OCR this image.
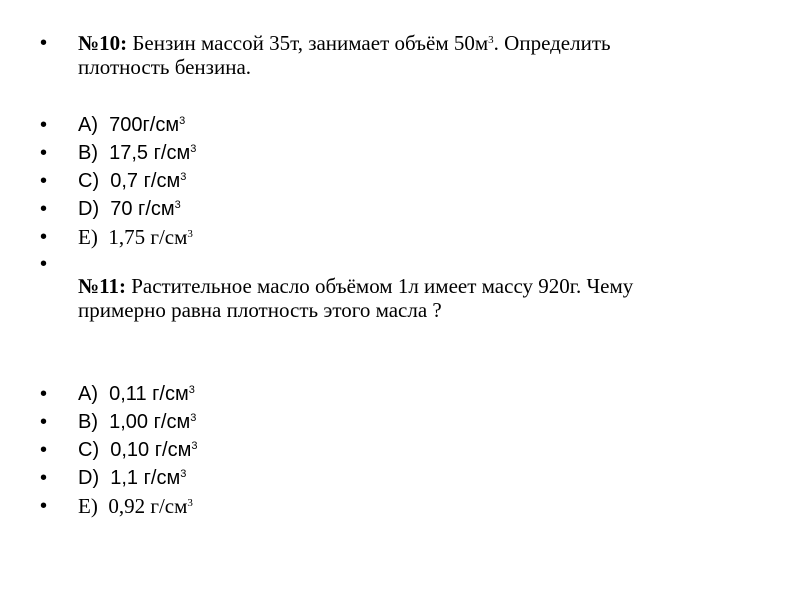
• №10: Бензин массой 35т, занимает объём $50м^3$. Определить
плотность бензина.
• А) $700г/см^3$
• В) 17,5 $г/см^3$
• С) 0,7 $г/см^3$
• D) 70 $г/см^3$
• E) 1,75 $г/см^3$
•
№11: Растительное масло объёмом 1л имеет массу 920г. Чему
примерно равна плотность этого масла ?
• А) 0,11 $г/см^3$
• В) 1,00 $г/см^3$
• С) 0,10 $г/см^3$
• D) 1,1 $г/см^3$
• E) 0,92 $г/см^3$
